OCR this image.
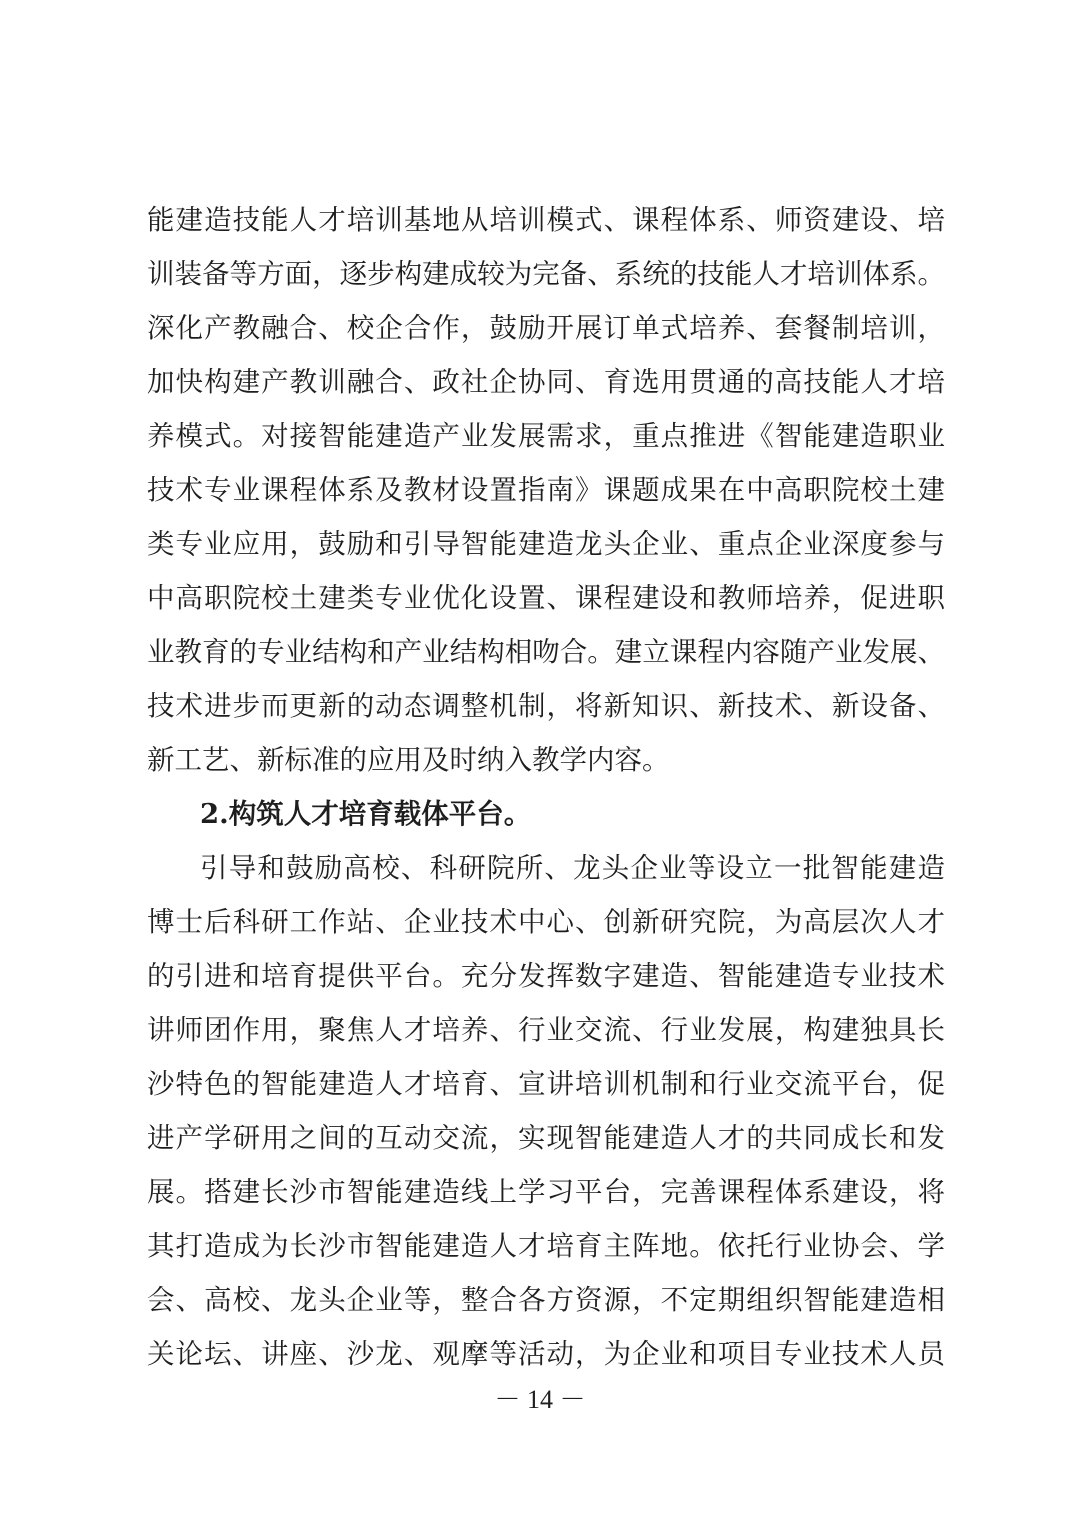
能建造技能人才培训基地从培训模式、课程体系、师资建设、培
训装备等方面，逐步构建成较为完备、系统的技能人才培训体系。
深化产教融合、校企合作，鼓励开展订单式培养、套餐制培训，
加快构建产教训融合、政社企协同、育选用贯通的高技能人才培
养模式。对接智能建造产业发展需求，重点推进《智能建造职业
技术专业课程体系及教材设置指南》课题成果在中高职院校土建
类专业应用，鼓励和引导智能建造龙头企业、重点企业深度参与
中高职院校土建类专业优化设置、课程建设和教师培养，促进职
业教育的专业结构和产业结构相吻合。建立课程内容随产业发展、
技术进步而更新的动态调整机制，将新知识、新技术、新设备、
新工艺、新标准的应用及时纳入教学内容。
2.构筑人才培育载体平台。
引导和鼓励高校、科研院所、龙头企业等设立一批智能建造
博士后科研工作站、企业技术中心、创新研究院，为高层次人才
的引进和培育提供平台。充分发挥数字建造、智能建造专业技术
讲师团作用，聚焦人才培养、行业交流、行业发展，构建独具长
沙特色的智能建造人才培育、宣讲培训机制和行业交流平台，促
进产学研用之间的互动交流，实现智能建造人才的共同成长和发
展。搭建长沙市智能建造线上学习平台，完善课程体系建设，将
其打造成为长沙市智能建造人才培育主阵地。依托行业协会、学
会、高校、龙头企业等，整合各方资源，不定期组织智能建造相
关论坛、讲座、沙龙、观摩等活动，为企业和项目专业技术人员
－ 14 －
